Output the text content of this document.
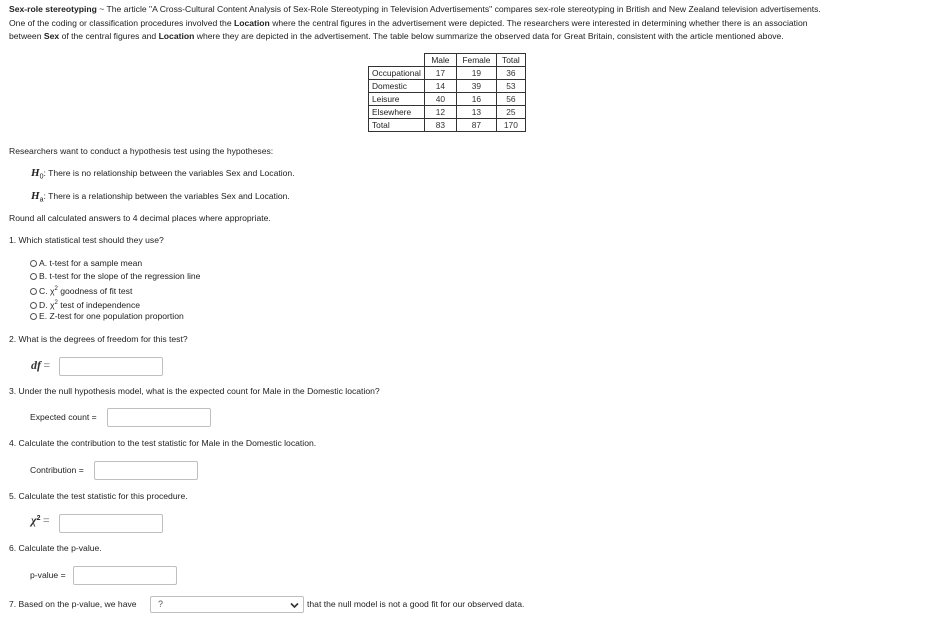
Sex-role stereotyping ~ The article "A Cross-Cultural Content Analysis of Sex-Role Stereotyping in Television Advertisements" compares sex-role stereotyping in British and New Zealand television advertisements.
One of the coding or classification procedures involved the Location where the central figures in the advertisement were depicted. The researchers were interested in determining whether there is an association
between Sex of the central figures and Location where they are depicted in the advertisement. The table below summarize the observed data for Great Britain, consistent with the article mentioned above.
	Male	Female	Total
Occupational	17	19	36
Domestic	14	39	53
Leisure	40	16	56
Elsewhere	12	13	25
Total	83	87	170
Researchers want to conduct a hypothesis test using the hypotheses:
$H_0$: There is no relationship between the variables Sex and Location.
$H_a$: There is a relationship between the variables Sex and Location.
Round all calculated answers to 4 decimal places where appropriate.
1. Which statistical test should they use?
A. t-test for a sample mean
B. t-test for the slope of the regression line
C. $\chi^2$ goodness of fit test
D. $\chi^2$ test of independence
E. Z-test for one population proportion
2. What is the degrees of freedom for this test?
df =
3. Under the null hypothesis model, what is the expected count for Male in the Domestic location?
Expected count =
4. Calculate the contribution to the test statistic for Male in the Domestic location.
Contribution =
5. Calculate the test statistic for this procedure.
$\chi^2$ =
6. Calculate the p-value.
p-value =
7. Based on the p-value, we have ?	that the null model is not a good fit for our observed data.
